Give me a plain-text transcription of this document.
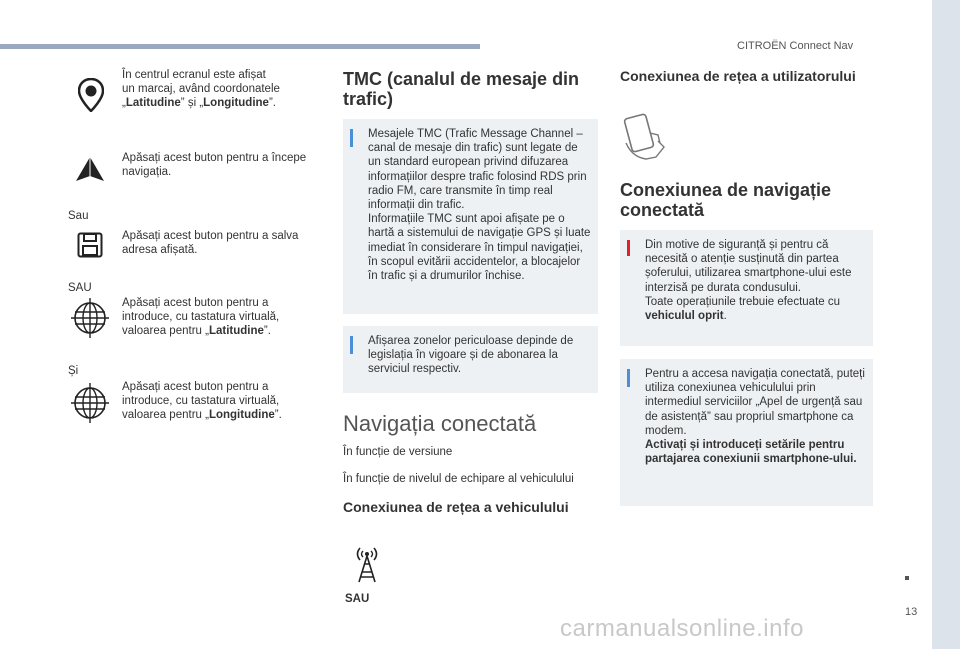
CITROËN Connect Nav
13
În centrul ecranul este afișat
un marcaj, având coordonatele
„Latitudine” și „Longitudine”.
Apăsați acest buton pentru a începe navigația.
Sau
Apăsați acest buton pentru a salva adresa afișată.
SAU
Apăsați acest buton pentru a introduce, cu tastatura virtuală, valoarea pentru „Latitudine”.
Și
Apăsați acest buton pentru a introduce, cu tastatura virtuală, valoarea pentru „Longitudine”.
TMC (canalul de mesaje din trafic)
Mesajele TMC (Trafic Message Channel – canal de mesaje din trafic) sunt legate de un standard european privind difuzarea informațiilor despre trafic folosind RDS prin radio FM, care transmite în timp real informații din trafic.
Informațiile TMC sunt apoi afișate pe o hartă a sistemului de navigație GPS și luate imediat în considerare în timpul navigației, în scopul evitării accidentelor, a blocajelor în trafic și a drumurilor închise.
Afișarea zonelor periculoase depinde de legislația în vigoare și de abonarea la serviciul respectiv.
Navigația conectată
În funcție de versiune
În funcție de nivelul de echipare al vehiculului
Conexiunea de rețea a vehiculului
SAU
Conexiunea de rețea a utilizatorului
Conexiunea de navigație conectată
Din motive de siguranță și pentru că necesită o atenție susținută din partea șoferului, utilizarea smartphone-ului este interzisă pe durata condusului.
Toate operațiunile trebuie efectuate cu vehiculul oprit.
Pentru a accesa navigația conectată, puteți utiliza conexiunea vehiculului prin intermediul serviciilor „Apel de urgență sau de asistență” sau propriul smartphone ca modem.
Activați și introduceți setările pentru partajarea conexiunii smartphone-ului.
carmanualsonline.info
